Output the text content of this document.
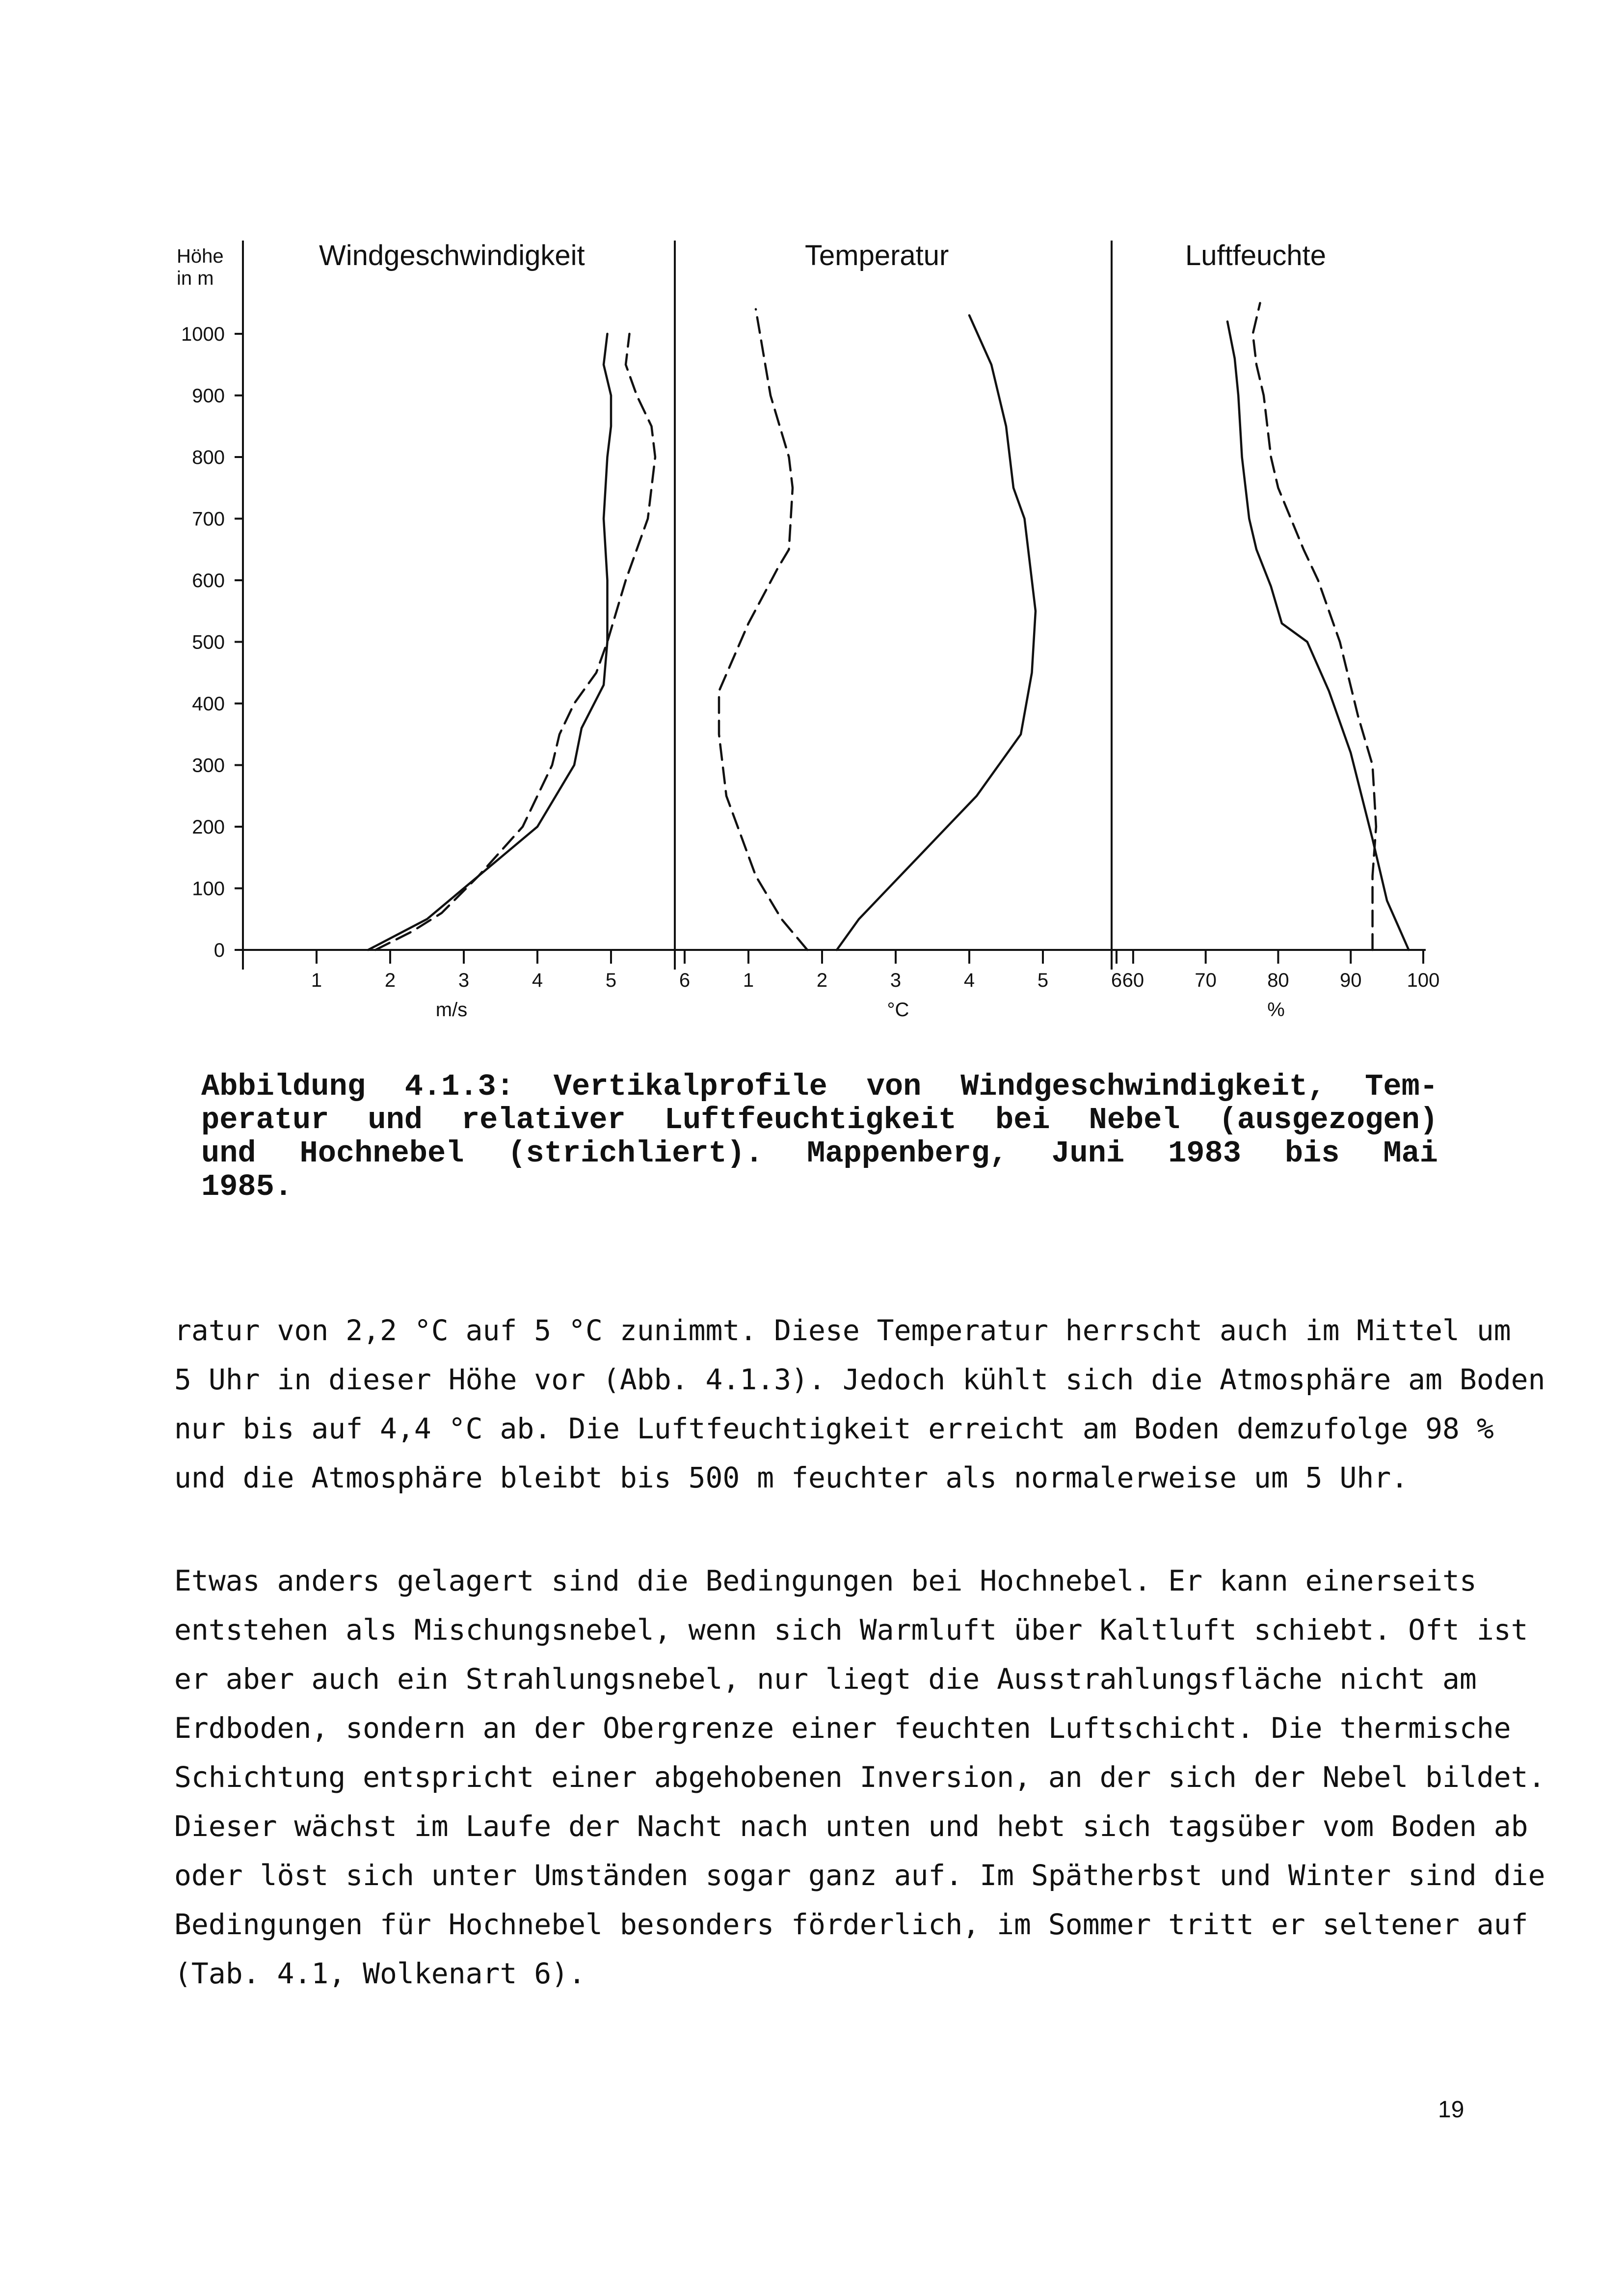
Höhe
in m
0
100
200
300
400
500
600
700
800
900
1000
Windgeschwindigkeit
1	2	3	4	5	6
m/s
Temperatur
1	2	3	4	5	6
°C
Luftfeuchte
60	70	80	90 100
%
Abbildung 4.1.3: Vertikalprofile von Windgeschwindigkeit, Tem-
peratur und relativer Luftfeuchtigkeit bei Nebel (ausgezogen)
und Hochnebel (strichliert). Mappenberg, Juni 1983 bis Mai
1985.
ratur von 2,2 °C auf 5 °C zunimmt. Diese Temperatur herrscht auch im Mittel um
5 Uhr in dieser Höhe vor (Abb. 4.1.3). Jedoch kühlt sich die Atmosphäre am Boden
nur bis auf 4,4 °C ab. Die Luftfeuchtigkeit erreicht am Boden demzufolge 98 %
und die Atmosphäre bleibt bis 500 m feuchter als normalerweise um 5 Uhr.
Etwas anders gelagert sind die Bedingungen bei Hochnebel. Er kann einerseits
entstehen als Mischungsnebel, wenn sich Warmluft über Kaltluft schiebt. Oft ist
er aber auch ein Strahlungsnebel, nur liegt die Ausstrahlungsfläche nicht am
Erdboden, sondern an der Obergrenze einer feuchten Luftschicht. Die thermische
Schichtung entspricht einer abgehobenen Inversion, an der sich der Nebel bildet.
Dieser wächst im Laufe der Nacht nach unten und hebt sich tagsüber vom Boden ab
oder löst sich unter Umständen sogar ganz auf. Im Spätherbst und Winter sind die
Bedingungen für Hochnebel besonders förderlich, im Sommer tritt er seltener auf
(Tab. 4.1, Wolkenart 6).
19
